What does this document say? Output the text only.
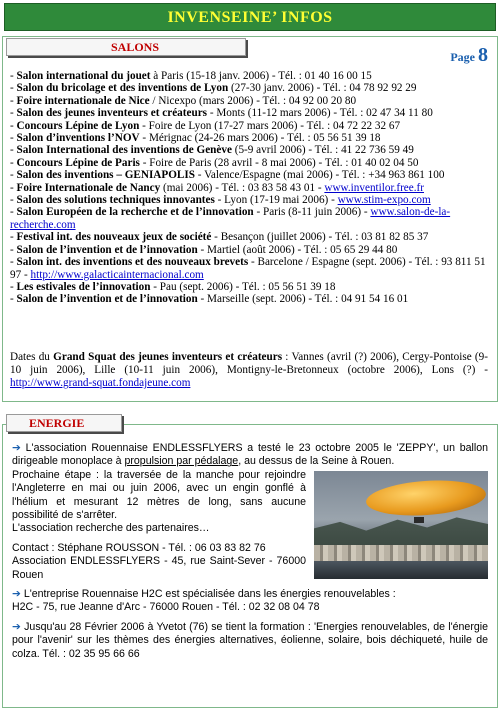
INVENSEINE’ INFOS
SALONS
Page 8
- Salon international du jouet à Paris (15-18 janv. 2006) - Tél. : 01 40 16 00 15
- Salon du bricolage et des inventions de Lyon (27-30 janv. 2006) - Tél. : 04 78 92 92 29
- Foire internationale de Nice / Nicexpo (mars 2006) - Tél. : 04 92 00 20 80
- Salon des jeunes inventeurs et créateurs - Monts (11-12 mars 2006) - Tél. : 02 47 34 11 80
- Concours Lépine de Lyon - Foire de Lyon (17-27 mars 2006) - Tél. : 04 72 22 32 67
- Salon d’inventions l’NOV - Mérignac (24-26 mars 2006) - Tél. : 05 56 51 39 18
- Salon International des inventions de Genève (5-9 avril 2006) - Tél. : 41 22 736 59 49
- Concours Lépine de Paris - Foire de Paris (28 avril - 8 mai 2006) - Tél. : 01 40 02 04 50
- Salon des inventions – GENIAPOLIS - Valence/Espagne (mai 2006) - Tél. : +34 963 861 100
- Foire Internationale de Nancy (mai 2006) - Tél. : 03 83 58 43 01 - www.inventilor.free.fr
- Salon des solutions techniques innovantes - Lyon (17-19 mai 2006) - www.stim-expo.com
- Salon Européen de la recherche et de l’innovation - Paris (8-11 juin 2006) - www.salon-de-la-recherche.com
- Festival int. des nouveaux jeux de société - Besançon (juillet 2006) - Tél. : 03 81 82 85 37
- Salon de l’invention et de l’innovation - Martiel (août 2006) - Tél. : 05 65 29 44 80
- Salon int. des inventions et des nouveaux brevets - Barcelone / Espagne (sept. 2006) - Tél. : 93 811 51 97 - http://www.galacticainternacional.com
- Les estivales de l’innovation - Pau (sept. 2006) - Tél. : 05 56 51 39 18
- Salon de l’invention et de l’innovation - Marseille (sept. 2006) - Tél. : 04 91 54 16 01
Dates du Grand Squat des jeunes inventeurs et créateurs : Vannes (avril (?) 2006), Cergy-Pontoise (9-10 juin 2006), Lille (10-11 juin 2006), Montigny-le-Bretonneux (octobre 2006), Lons (?) - http://www.grand-squat.fondajeune.com
ENERGIE

➔ L'association Rouennaise ENDLESSFLYERS a testé le 23 octobre 2005 le 'ZEPPY', un ballon dirigeable monoplace à propulsion par pédalage, au dessus de la Seine à Rouen.

Prochaine étape : la traversée de la manche pour rejoindre l'Angleterre en mai ou juin 2006, avec un engin gonflé à l'hélium et mesurant 12 mètres de long, sans aucune possibilité de s'arrêter.
L'association recherche des partenaires…

Contact : Stéphane ROUSSON - Tél. : 06 03 83 82 76
Association ENDLESSFLYERS - 45, rue Saint-Sever - 76000 Rouen

➔ L'entreprise Rouennaise H2C est spécialisée dans les énergies renouvelables :
H2C - 75, rue Jeanne d'Arc - 76000 Rouen - Tél. : 02 32 08 04 78

➔ Jusqu'au 28 Février 2006 à Yvetot (76) se tient la formation : 'Energies renouvelables, de l'énergie pour l'avenir' sur les thèmes des énergies alternatives, éolienne, solaire, bois déchiqueté, huile de colza. Tél. : 02 35 95 66 66
